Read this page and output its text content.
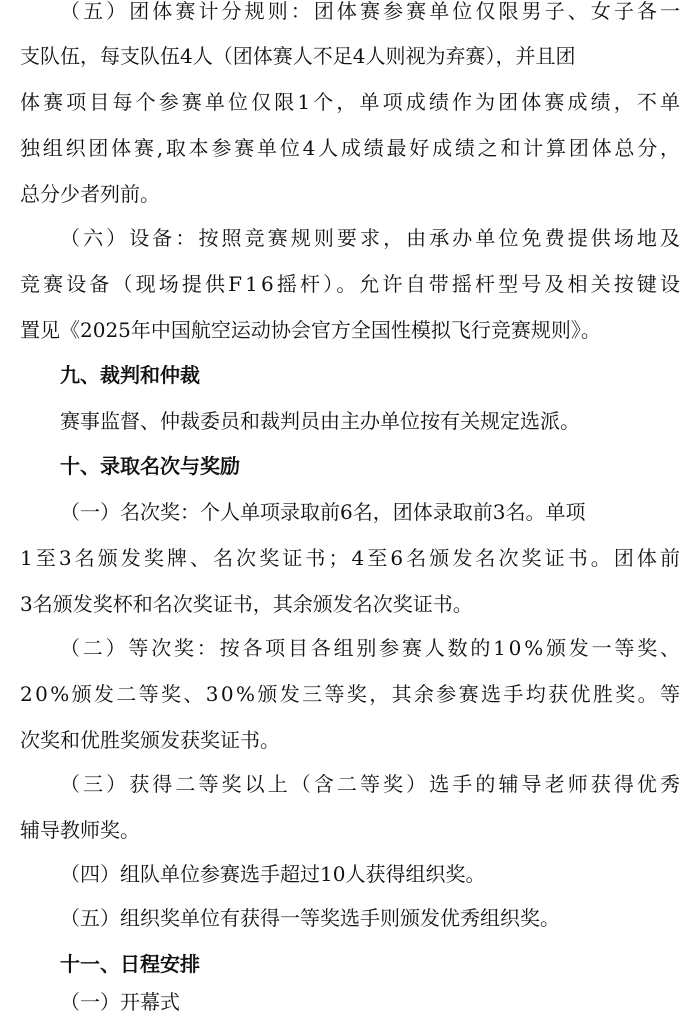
（五）团体赛计分规则：团体赛参赛单位仅限男子、女子各一
支队伍，每支队伍4人（团体赛人不足4人则视为弃赛），并且团
体赛项目每个参赛单位仅限1个，单项成绩作为团体赛成绩，不单
独组织团体赛,取本参赛单位4人成绩最好成绩之和计算团体总分，
总分少者列前。
（六）设备：按照竞赛规则要求，由承办单位免费提供场地及
竞赛设备（现场提供F16摇杆）。允许自带摇杆型号及相关按键设
置见《2025年中国航空运动协会官方全国性模拟飞行竞赛规则》。
九、裁判和仲裁
赛事监督、仲裁委员和裁判员由主办单位按有关规定选派。
十、录取名次与奖励
（一）名次奖：个人单项录取前6名，团体录取前3名。单项
1至3名颁发奖牌、名次奖证书；4至6名颁发名次奖证书。团体前
3名颁发奖杯和名次奖证书，其余颁发名次奖证书。
（二）等次奖：按各项目各组别参赛人数的10%颁发一等奖、
20%颁发二等奖、30%颁发三等奖，其余参赛选手均获优胜奖。等
次奖和优胜奖颁发获奖证书。
（三）获得二等奖以上（含二等奖）选手的辅导老师获得优秀
辅导教师奖。
（四）组队单位参赛选手超过10人获得组织奖。
（五）组织奖单位有获得一等奖选手则颁发优秀组织奖。
十一、日程安排
（一）开幕式
